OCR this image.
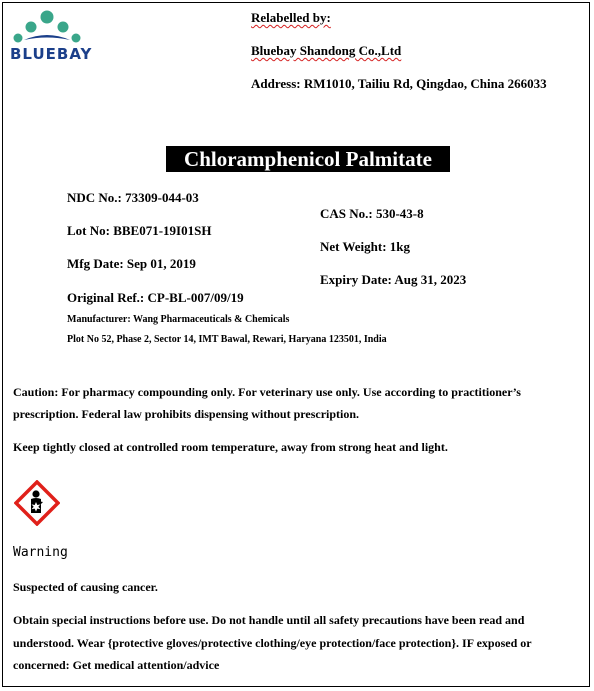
BLUEBAY
Relabelled by:
Bluebay Shandong Co.,Ltd
Address: RM1010, Tailiu Rd, Qingdao, China 266033
Chloramphenicol Palmitate
NDC No.: 73309-044-03
Lot No: BBE071-19I01SH
Mfg Date: Sep 01, 2019
Original Ref.: CP-BL-007/09/19
Manufacturer: Wang Pharmaceuticals & Chemicals
Plot No 52, Phase 2, Sector 14, IMT Bawal, Rewari, Haryana 123501, India
CAS No.: 530-43-8
Net Weight: 1kg
Expiry Date: Aug 31, 2023
Caution: For pharmacy compounding only. For veterinary use only. Use according to practitioner’s
prescription. Federal law prohibits dispensing without prescription.
Keep tightly closed at controlled room temperature, away from strong heat and light.
Warning
Suspected of causing cancer.
Obtain special instructions before use. Do not handle until all safety precautions have been read and
understood. Wear {protective gloves/protective clothing/eye protection/face protection}. IF exposed or
concerned: Get medical attention/advice
